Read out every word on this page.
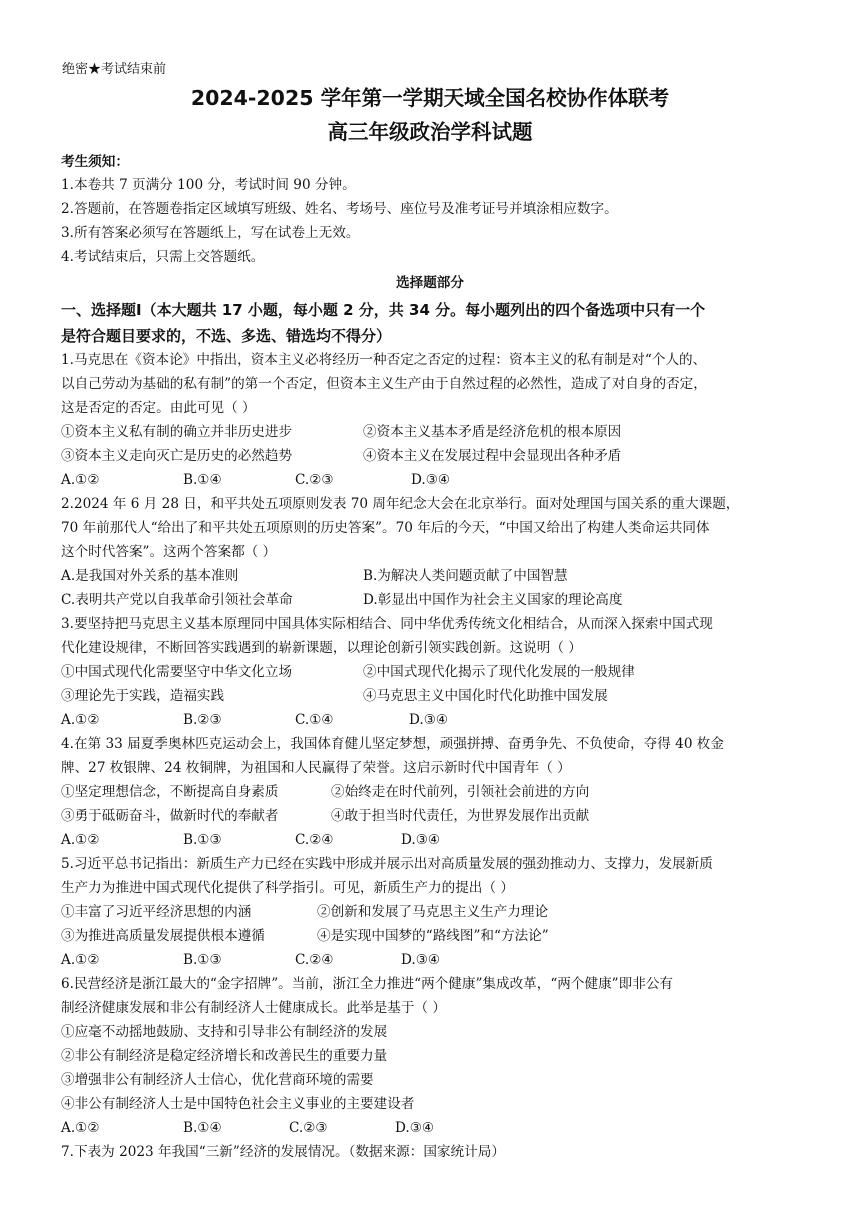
绝密★考试结束前
2024-2025 学年第一学期天域全国名校协作体联考
高三年级政治学科试题
考生须知：
1.本卷共 7 页满分 100 分，考试时间 90 分钟。
2.答题前，在答题卷指定区域填写班级、姓名、考场号、座位号及准考证号并填涂相应数字。
3.所有答案必须写在答题纸上，写在试卷上无效。
4.考试结束后，只需上交答题纸。
选择题部分
一、选择题Ⅰ（本大题共 17 小题，每小题 2 分，共 34 分。每小题列出的四个备选项中只有一个
是符合题目要求的，不选、多选、错选均不得分）
1.马克思在《资本论》中指出，资本主义必将经历一种否定之否定的过程：资本主义的私有制是对“个人的、
以自己劳动为基础的私有制”的第一个否定，但资本主义生产由于自然过程的必然性，造成了对自身的否定，
这是否定的否定。由此可见（ ）
①资本主义私有制的确立并非历史进步	②资本主义基本矛盾是经济危机的根本原因
③资本主义走向灭亡是历史的必然趋势	④资本主义在发展过程中会显现出各种矛盾
A.①②	B.①④	C.②③	D.③④
2.2024 年 6 月 28 日，和平共处五项原则发表 70 周年纪念大会在北京举行。面对处理国与国关系的重大课题，
70 年前那代人“给出了和平共处五项原则的历史答案”。70 年后的今天，“中国又给出了构建人类命运共同体
这个时代答案”。这两个答案都（ ）
A.是我国对外关系的基本准则	B.为解决人类问题贡献了中国智慧
C.表明共产党以自我革命引领社会革命	D.彰显出中国作为社会主义国家的理论高度
3.要坚持把马克思主义基本原理同中国具体实际相结合、同中华优秀传统文化相结合，从而深入探索中国式现
代化建设规律，不断回答实践遇到的崭新课题，以理论创新引领实践创新。这说明（ ）
①中国式现代化需要坚守中华文化立场	②中国式现代化揭示了现代化发展的一般规律
③理论先于实践，造福实践	④马克思主义中国化时代化助推中国发展
A.①②	B.②③	C.①④	D.③④
4.在第 33 届夏季奥林匹克运动会上，我国体育健儿坚定梦想，顽强拼搏、奋勇争先、不负使命，夺得 40 枚金
牌、27 枚银牌、24 枚铜牌，为祖国和人民赢得了荣誉。这启示新时代中国青年（ ）
①坚定理想信念，不断提高自身素质	②始终走在时代前列，引领社会前进的方向
③勇于砥砺奋斗，做新时代的奉献者	④敢于担当时代责任，为世界发展作出贡献
A.①②	B.①③	C.②④	D.③④
5.习近平总书记指出：新质生产力已经在实践中形成并展示出对高质量发展的强劲推动力、支撑力，发展新质
生产力为推进中国式现代化提供了科学指引。可见，新质生产力的提出（ ）
①丰富了习近平经济思想的内涵	②创新和发展了马克思主义生产力理论
③为推进高质量发展提供根本遵循	④是实现中国梦的“路线图”和“方法论”
A.①②	B.①③	C.②④	D.③④
6.民营经济是浙江最大的“金字招牌”。当前，浙江全力推进“两个健康”集成改革，“两个健康”即非公有
制经济健康发展和非公有制经济人士健康成长。此举是基于（ ）
①应毫不动摇地鼓励、支持和引导非公有制经济的发展
②非公有制经济是稳定经济增长和改善民生的重要力量
③增强非公有制经济人士信心，优化营商环境的需要
④非公有制经济人士是中国特色社会主义事业的主要建设者
A.①②	B.①④	C.②③	D.③④
7.下表为 2023 年我国“三新”经济的发展情况。（数据来源：国家统计局）
